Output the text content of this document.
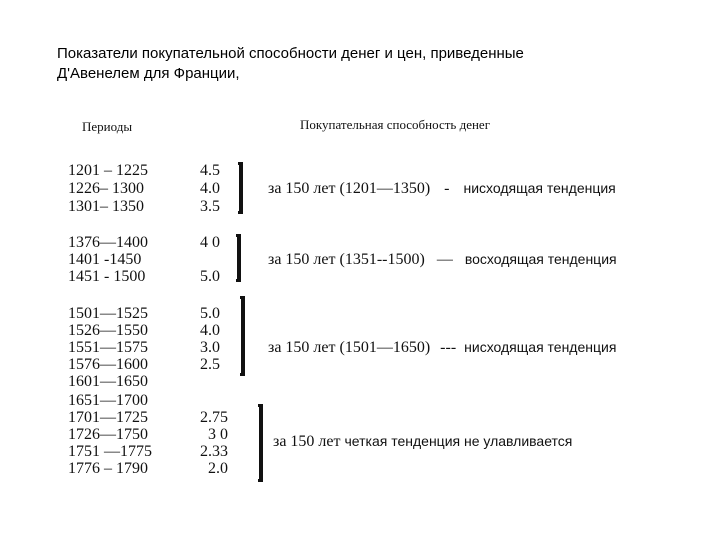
Показатели покупательной способности денег и цен, приведенные
Д'Авенелем для Франции,
Периоды	Покупательная способность денег
1201 – 1225	4.5
1226– 1300	4.0
1301– 1350	3.5
за 150 лет (1201—1350) - нисходящая тенденция
1376—1400	4 0
1401 -1450
1451 - 1500	5.0
за 150 лет (1351--1500) — восходящая тенденция
1501—1525	5.0
1526—1550	4.0
1551—1575	3.0
1576—1600	2.5
1601—1650
за 150 лет (1501—1650) --- нисходящая тенденция
1651—1700
1701—1725	2.75
1726—1750	3 0
1751 —1775	2.33
1776 – 1790	2.0
за 150 лет четкая тенденция не улавливается
